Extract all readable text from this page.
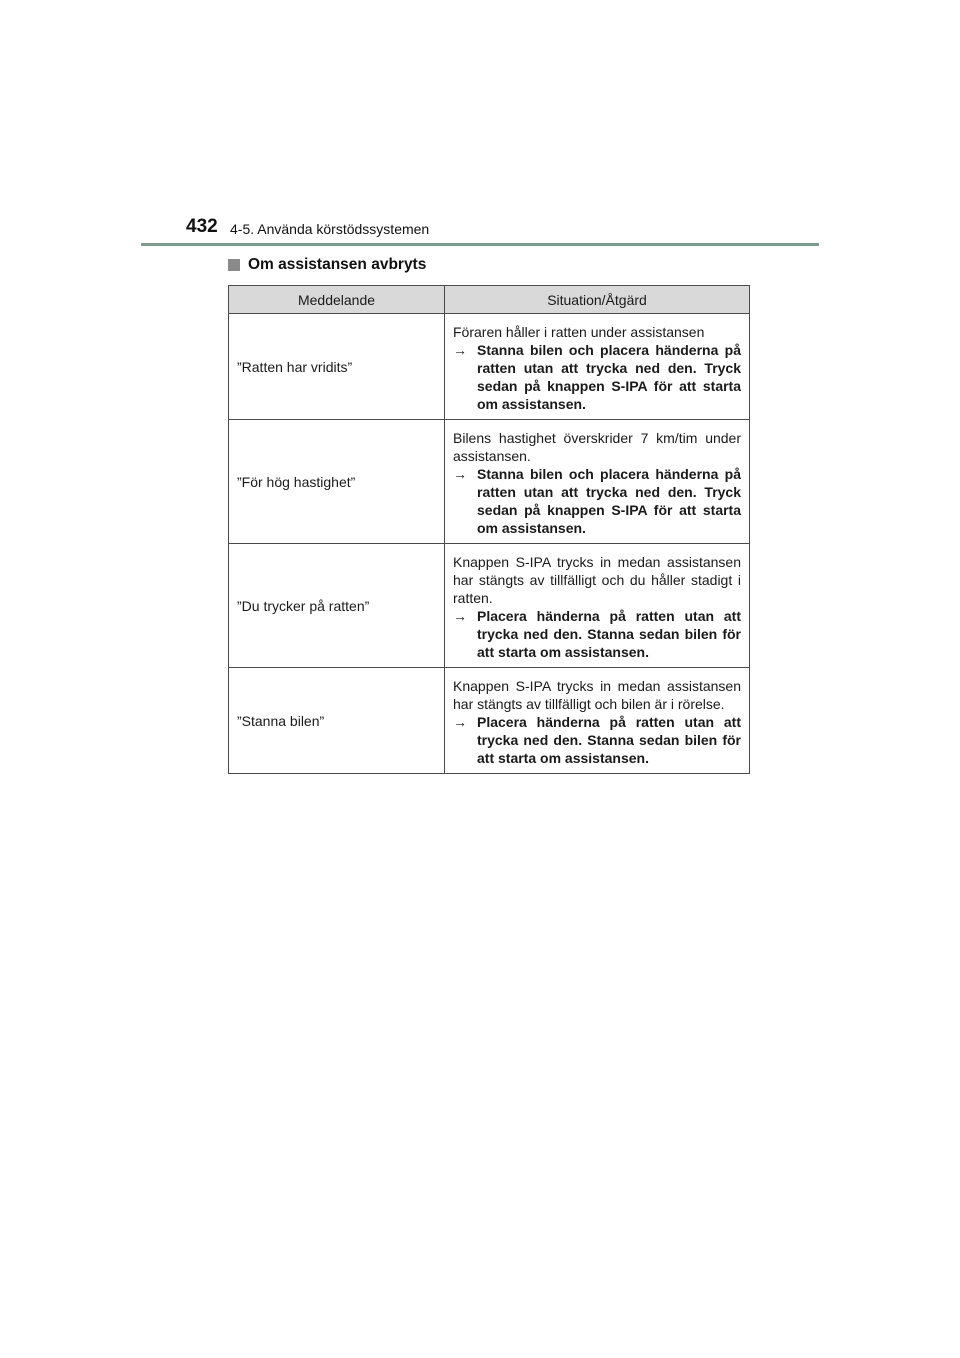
432 4-5. Använda körstödssystemen
Om assistansen avbryts
Meddelande	Situation/Åtgärd
”Ratten har vridits”	Föraren håller i ratten under assistansen
→ Stanna bilen och placera händerna på ratten utan att trycka ned den. Tryck sedan på knappen S-IPA för att starta om assistansen.

”För hög hastighet”	Bilens hastighet överskrider 7 km/tim under assistansen.
→ Stanna bilen och placera händerna på ratten utan att trycka ned den. Tryck sedan på knappen S-IPA för att starta om assistansen.

”Du trycker på ratten”	Knappen S-IPA trycks in medan assistansen har stängts av tillfälligt och du håller stadigt i ratten.
→ Placera händerna på ratten utan att trycka ned den. Stanna sedan bilen för att starta om assistansen.

”Stanna bilen”	Knappen S-IPA trycks in medan assistansen har stängts av tillfälligt och bilen är i rörelse.
→ Placera händerna på ratten utan att trycka ned den. Stanna sedan bilen för att starta om assistansen.
